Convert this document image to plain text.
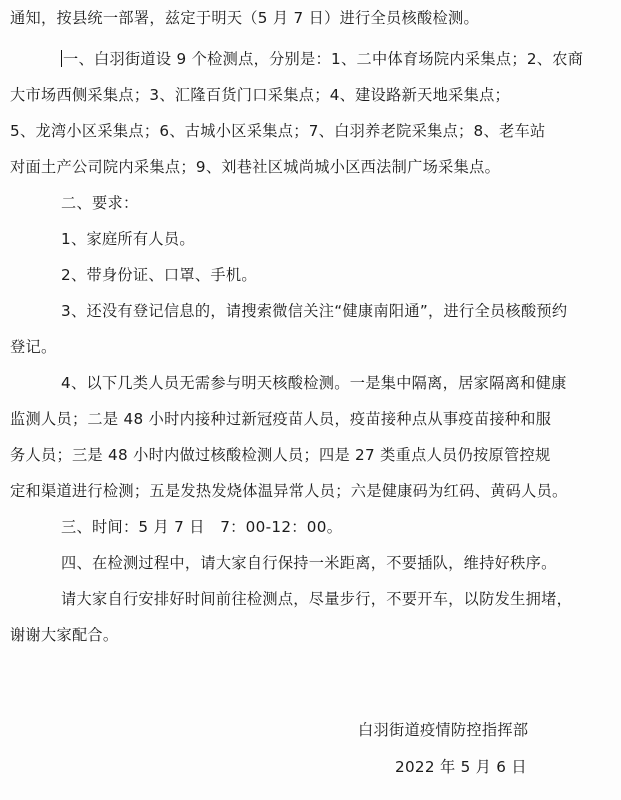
通知，按县统一部署，兹定于明天（5 月 7 日）进行全员核酸检测。
一、白羽街道设 9 个检测点，分别是：1、二中体育场院内采集点；2、农商
大市场西侧采集点；3、汇隆百货门口采集点；4、建设路新天地采集点；
5、龙湾小区采集点；6、古城小区采集点；7、白羽养老院采集点；8、老车站
对面土产公司院内采集点；9、刘巷社区城尚城小区西法制广场采集点。
二、要求：
1、家庭所有人员。
2、带身份证、口罩、手机。
3、还没有登记信息的，请搜索微信关注“健康南阳通”，进行全员核酸预约
登记。
4、以下几类人员无需参与明天核酸检测。一是集中隔离，居家隔离和健康
监测人员；二是 48 小时内接种过新冠疫苗人员，疫苗接种点从事疫苗接种和服
务人员；三是 48 小时内做过核酸检测人员；四是 27 类重点人员仍按原管控规
定和渠道进行检测；五是发热发烧体温异常人员；六是健康码为红码、黄码人员。
三、时间：5 月 7 日　7：00-12：00。
四、在检测过程中，请大家自行保持一米距离，不要插队，维持好秩序。
请大家自行安排好时间前往检测点，尽量步行，不要开车，以防发生拥堵，
谢谢大家配合。
白羽街道疫情防控指挥部
2022 年 5 月 6 日
